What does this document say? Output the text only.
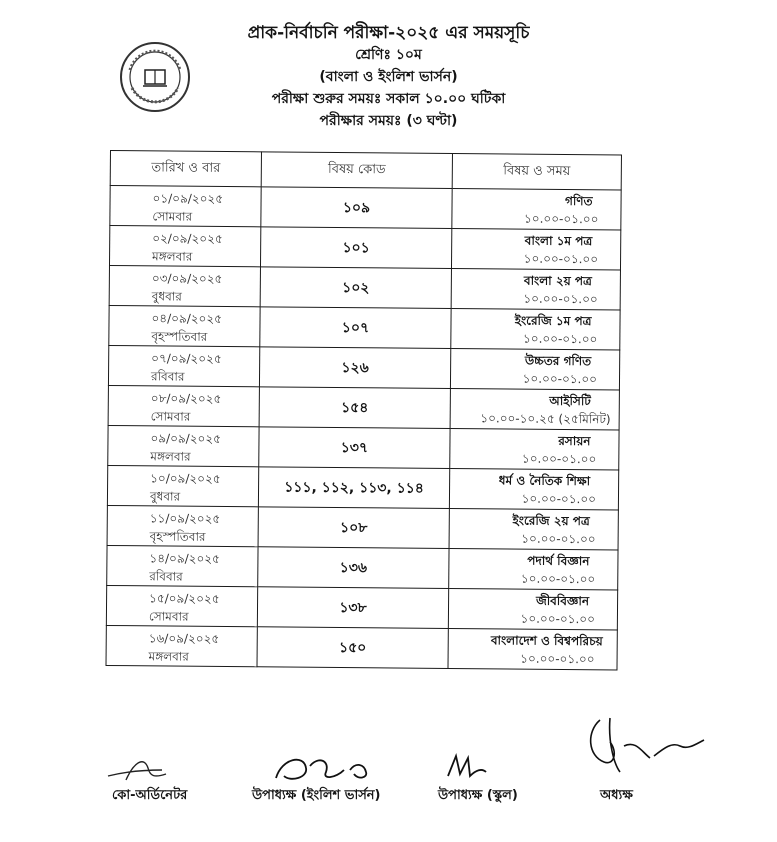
প্রাক-নির্বাচনি পরীক্ষা-২০২৫ এর সময়সূচি
শ্রেণিঃ ১০ম
(বাংলা ও ইংলিশ ভার্সন)
পরীক্ষা শুরুর সময়ঃ সকাল ১০.০০ ঘটিকা
পরীক্ষার সময়ঃ (৩ ঘণ্টা)
তারিখ ও বার	বিষয় কোড	বিষয় ও সময়

০১/০৯/২০২৫
সোমবার	১০৯	গণিত
১০.০০-০১.০০

০২/০৯/২০২৫
মঙ্গলবার	১০১	বাংলা ১ম পত্র
১০.০০-০১.০০

০৩/০৯/২০২৫
বুধবার	১০২	বাংলা ২য় পত্র
১০.০০-০১.০০

০৪/০৯/২০২৫
বৃহস্পতিবার	১০৭	ইংরেজি ১ম পত্র
১০.০০-০১.০০

০৭/০৯/২০২৫
রবিবার	১২৬	উচ্চতর গণিত
১০.০০-০১.০০

০৮/০৯/২০২৫
সোমবার	১৫৪	আইসিটি
১০.০০-১০.২৫ (২৫মিনিট)

০৯/০৯/২০২৫
মঙ্গলবার	১৩৭	রসায়ন
১০.০০-০১.০০

১০/০৯/২০২৫
বুধবার	১১১, ১১২, ১১৩, ১১৪	ধর্ম ও নৈতিক শিক্ষা
১০.০০-০১.০০

১১/০৯/২০২৫
বৃহস্পতিবার	১০৮	ইংরেজি ২য় পত্র
১০.০০-০১.০০

১৪/০৯/২০২৫
রবিবার	১৩৬	পদার্থ বিজ্ঞান
১০.০০-০১.০০

১৫/০৯/২০২৫
সোমবার	১৩৮	জীববিজ্ঞান
১০.০০-০১.০০

১৬/০৯/২০২৫
মঙ্গলবার	১৫০	বাংলাদেশ ও বিশ্বপরিচয়
১০.০০-০১.০০
কো-অর্ডিনেটর	উপাধ্যক্ষ (ইংলিশ ভার্সন)	উপাধ্যক্ষ (স্কুল)	অধ্যক্ষ
